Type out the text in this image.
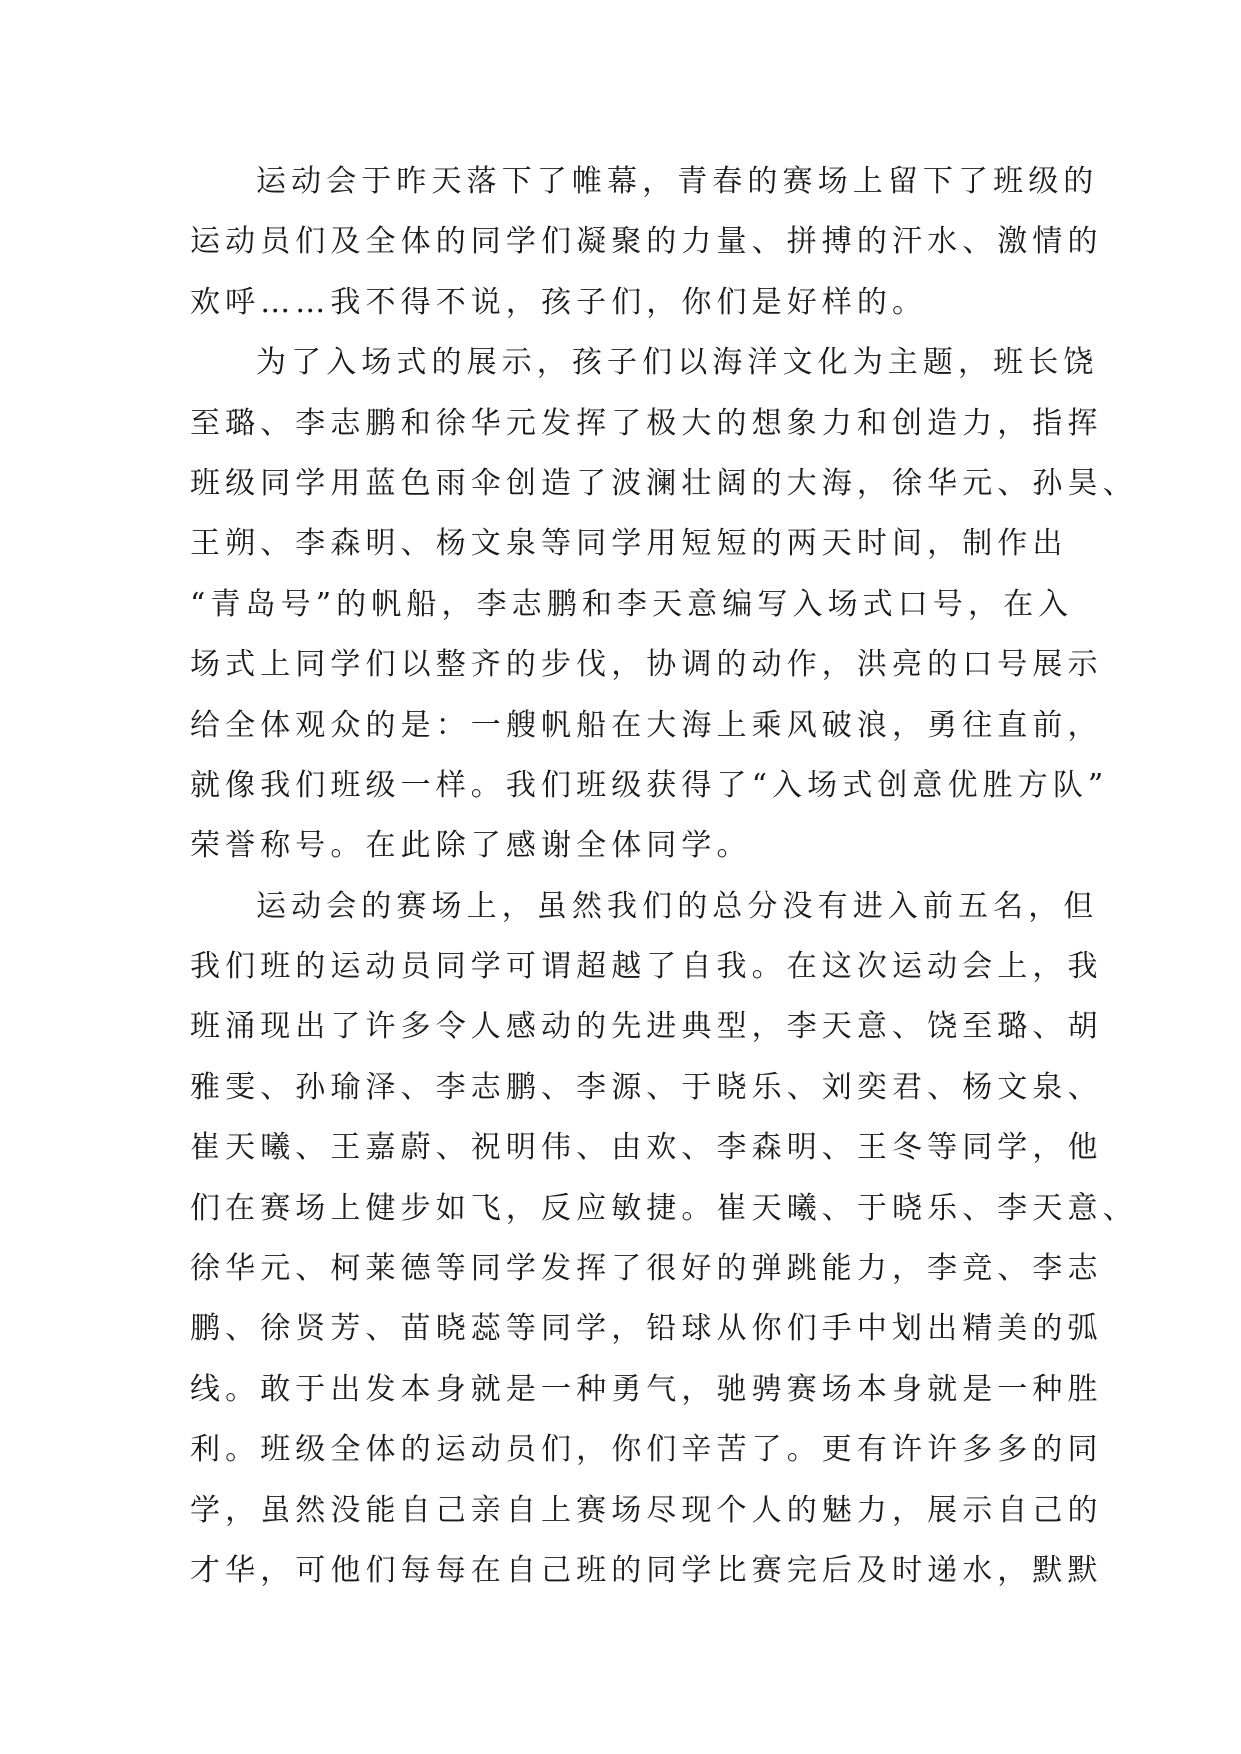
运动会于昨天落下了帷幕，青春的赛场上留下了班级的
运动员们及全体的同学们凝聚的力量、拼搏的汗水、激情的
欢呼……我不得不说，孩子们，你们是好样的。
为了入场式的展示，孩子们以海洋文化为主题，班长饶
至璐、李志鹏和徐华元发挥了极大的想象力和创造力，指挥
班级同学用蓝色雨伞创造了波澜壮阔的大海，徐华元、孙昊、
王朔、李森明、杨文泉等同学用短短的两天时间，制作出
“青岛号”的帆船，李志鹏和李天意编写入场式口号，在入
场式上同学们以整齐的步伐，协调的动作，洪亮的口号展示
给全体观众的是：一艘帆船在大海上乘风破浪，勇往直前，
就像我们班级一样。我们班级获得了“入场式创意优胜方队”
荣誉称号。在此除了感谢全体同学。
运动会的赛场上，虽然我们的总分没有进入前五名，但
我们班的运动员同学可谓超越了自我。在这次运动会上，我
班涌现出了许多令人感动的先进典型，李天意、饶至璐、胡
雅雯、孙瑜泽、李志鹏、李源、于晓乐、刘奕君、杨文泉、
崔天曦、王嘉蔚、祝明伟、由欢、李森明、王冬等同学，他
们在赛场上健步如飞，反应敏捷。崔天曦、于晓乐、李天意、
徐华元、柯莱德等同学发挥了很好的弹跳能力，李竞、李志
鹏、徐贤芳、苗晓蕊等同学，铅球从你们手中划出精美的弧
线。敢于出发本身就是一种勇气，驰骋赛场本身就是一种胜
利。班级全体的运动员们，你们辛苦了。更有许许多多的同
学，虽然没能自己亲自上赛场尽现个人的魅力，展示自己的
才华，可他们每每在自己班的同学比赛完后及时递水，默默
